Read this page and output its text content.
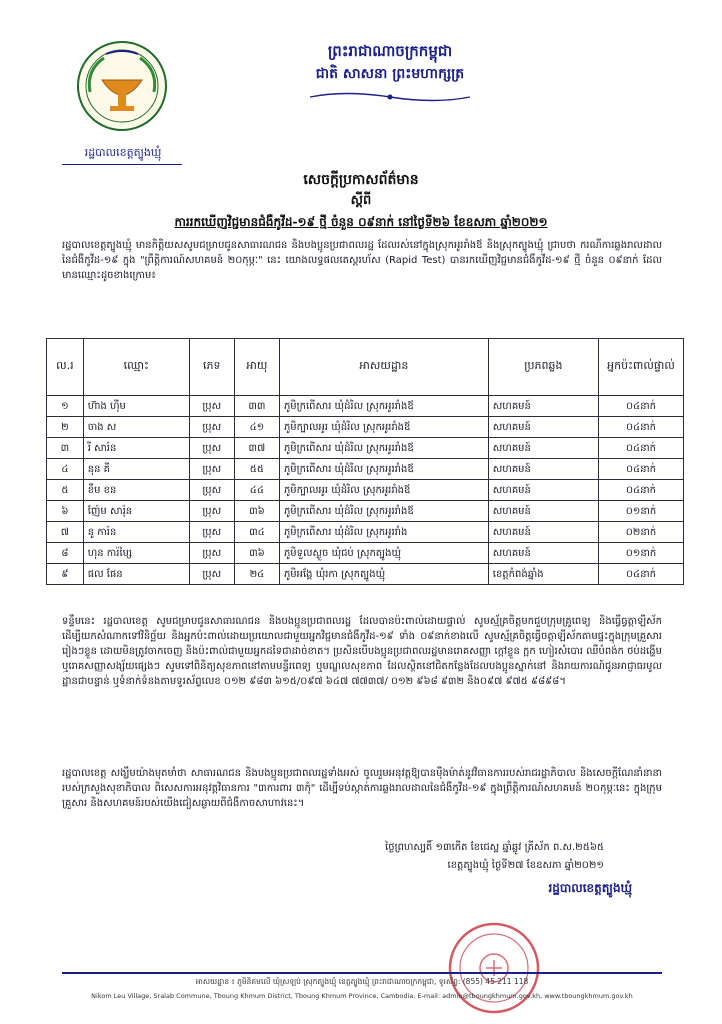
រដ្ឋបាលខេត្តត្បូងឃ្មុំ
ព្រះរាជាណាចក្រកម្ពុជា
ជាតិ សាសនា ព្រះមហាក្សត្រ
សេចក្តីប្រកាសព័ត៌មាន
ស្តីពី
ការរកឃើញវិជ្ជមានជំងឺកូវីដ-១៩ ថ្មី ចំនួន ០៩នាក់ នៅថ្ងៃទី២៦ ខែឧសភា ឆ្នាំ២០២១
រដ្ឋបាលខេត្តត្បូងឃ្មុំ មានកិត្តិយសសូមជម្រាបជូនសាធារណជន និងបងប្អូនប្រជាពលរដ្ឋ ដែលរស់នៅក្នុងស្រុកអូររាំងឪ និងស្រុកត្បូងឃ្មុំ ជ្រាបថា ករណីការឆ្លងរាលដាលនៃជំងឺកូវីដ-១៩ ក្នុង "ព្រឹត្តិការណ៍សហគមន៍ ២០កុម្ភៈ" នេះ យោងលទ្ធផលតេស្តរហ័ស (Rapid Test) បានរកឃើញវិជ្ជមានជំងឺកូវីដ-១៩ ថ្មី ចំនួន ០៩នាក់ ដែលមានឈ្មោះដូចខាងក្រោម៖
ល.រ	ឈ្មោះ	ភេទ	អាយុ	អាសយដ្ឋាន	ប្រភពឆ្លង	អ្នកប៉ះពាល់ផ្ទាល់
១	ហ៊ាង ហ៊ីម	ប្រុស	៣៣	ភូមិក្រពើសារ ឃុំដំរិល ស្រុកអូររាំងឪ	សហគមន៍	០៤នាក់
២	ចាង ស	ប្រុស	៤១	ភូមិក្បាលអូរ ឃុំដំរិល ស្រុកអូររាំងឪ	សហគមន៍	០៤នាក់
៣	រី សារ៉ន	ប្រុស	៣៧	ភូមិក្រពើសារ ឃុំដំរិល ស្រុកអូររាំងឪ	សហគមន៍	០៤នាក់
៤	នុន គី	ប្រុស	៥៥	ភូមិក្រពើសារ ឃុំដំរិល ស្រុកអូររាំងឪ	សហគមន៍	០៤នាក់
៥	ខឹម ខន	ប្រុស	៤៤	ភូមិក្បាលអូរ ឃុំដំរិល ស្រុកអូររាំងឪ	សហគមន៍	០៤នាក់
៦	ញ៉ែម សារ៉ុន	ប្រុស	៣៦	ភូមិក្រពើសារ ឃុំដំរិល ស្រុកអូររាំងឪ	សហគមន៍	០១នាក់
៧	នូ ការ៉ន	ប្រុស	៣៤	ភូមិក្រពើសារ ឃុំដំរិល ស្រុកអូររាំង	សហគមន៍	០២នាក់
៨	ហុន ការ៉ម្សៃ	ប្រុស	៣៦	ភូមិទួលស្ងួច ឃុំជប់ ស្រុកត្បូងឃ្មុំ	សហគមន៍	០១នាក់
៩	ផល ផែន	ប្រុស	២៤	ភូមិអង្គែ ឃុំរកា ស្រុកត្បូងឃ្មុំ	ខេត្តកំពង់ឆ្នាំង	០៤នាក់
ទន្ទឹមនេះ រដ្ឋបាលខេត្ត សូមជម្រាបជូនសាធារណជន និងបងប្អូនប្រជាពលរដ្ឋ ដែលបានប៉ះពាល់ដោយផ្ទាល់ សូមស្ម័គ្រចិត្តមកជួបក្រុមគ្រូពេទ្យ និងធ្វើធ្វត្តាឡីស័ក ដើម្បីយកសំណាកទៅវិនិច្ឆ័យ និងអ្នកប៉ះពាល់ដោយប្រយោលជាមួយអ្នកវិជ្ជមានជំងឺកូវីដ-១៩ ទាំង ០៩នាក់ខាងលើ សូមស្ម័គ្រចិត្តធ្វើចត្តាឡីស័កតាមផ្ទះក្នុងក្រុមគ្រួសាររៀងៗខ្លួន ដោយមិនត្រូវចាកចេញ និងប៉ះពាល់ជាមួយអ្នកដទៃជាដាច់ខាត។ ប្រសិនបើបងប្អូនប្រជាពលរដ្ឋមានរោគសញ្ញា ក្តៅខ្លួន ក្អក ហៀរសំបោរ ឈឺបំពង់ក ថប់ដង្ហើម ឬរោគសញ្ញាសង្ស័យផ្សេងៗ សូមទៅពិនិត្យសុខភាពនៅតាមមន្ទីរពេទ្យ ឬមណ្ឌលសុខភាព ដែលស្ថិតនៅជិតកន្លែងដែលបងប្អូនស្នាក់នៅ និងរាយការណ៍ជូនអាជ្ញាធរមូលដ្ឋានជាបន្ទាន់ ឬទំនាក់ទំនងតាមទូរស័ព្ទលេខ ០១២ ៩៨៣ ៦១៥/០៩៧ ៦៤៧ ៧៧៣៧/ ០១២ ៩៦៨ ៩៣២ និង០៩៧ ៩៧៥ ៩៨៩៨។
រដ្ឋបាលខេត្ត សង្ឃឹមយ៉ាងមុតមាំថា សាធារណជន និងបងប្អូនប្រជាពលរដ្ឋទាំងអស់ ចូលរួមអនុវត្តឱ្យបានម៉ឺងម៉ាត់នូវវិធានការរបស់រាជរដ្ឋាភិបាល និងសេចក្តីណែនាំនានារបស់ក្រសួងសុខាភិបាល ពិសេសការអនុវត្តវិធានការ "៣ការពារ ៣កុំ" ដើម្បីទប់ស្កាត់ការឆ្លងរាលដាលនៃជំងឺកូវីដ-១៩ ក្នុងព្រឹត្តិការណ៍សហគមន៍ ២០កុម្ភៈនេះ ក្នុងក្រុមគ្រួសារ និងសហគមន៍របស់យើងជៀសឆ្ងាយពីជំងឺកាចសាហាវនេះ។
ថ្ងៃព្រហស្បតិ៍ ១៣កើត ខែជេស្ឋ ឆ្នាំឆ្លូវ ត្រីស័ក ព.ស.២៥៦៥
ខេត្តត្បូងឃ្មុំ ថ្ងៃទី២៧ ខែឧសភា ឆ្នាំ២០២១
រដ្ឋបាលខេត្តត្បូងឃ្មុំ
អាសយដ្ឋាន ៖ ភូមិនិគមលើ ឃុំស្រឡប់ ស្រុកត្បូងឃ្មុំ ខេត្តត្បូងឃ្មុំ ព្រះរាជាណាចក្រកម្ពុជា, ទូរស័ព្ទ: (855) 45 211 118
Nikom Leu Village, Sralab Commune, Tboung Khmum District, Tboung Khmum Province, Cambodia. E-mail: admin@tboungkhmum.gov.kh, www.tboungkhmum.gov.kh
